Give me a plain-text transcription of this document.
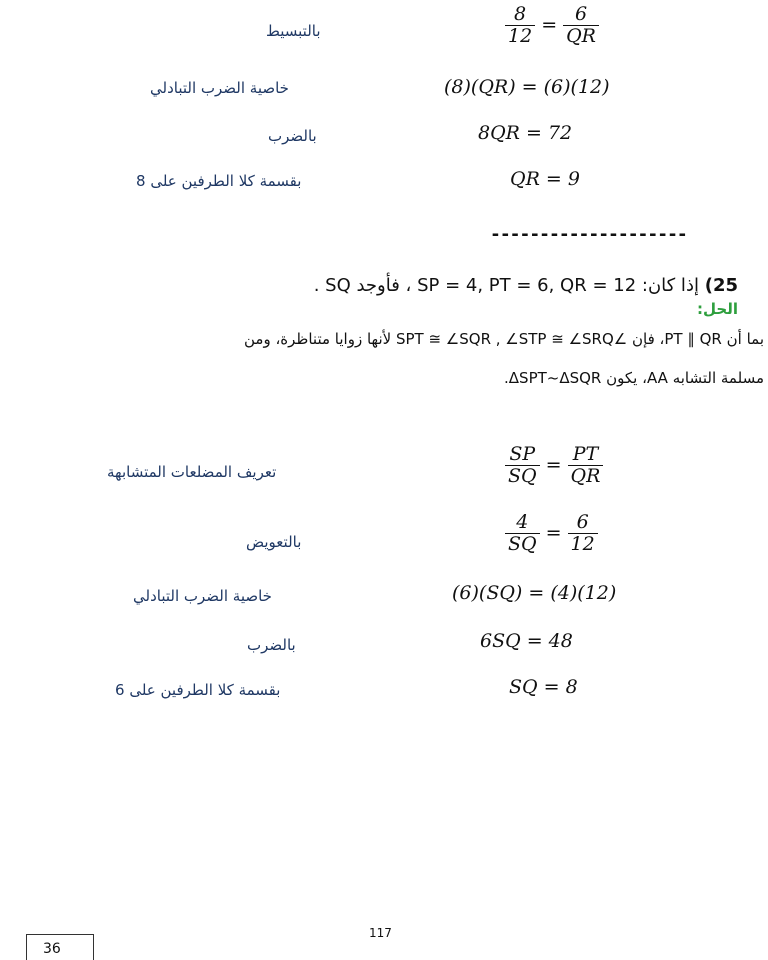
بالتبسيط	$\frac{8}{12} = \frac{6}{QR}$
خاصية الضرب التبادلي	(8)(QR) = (6)(12)
بالضرب	8QR = 72
بقسمة كلا الطرفين على 8	QR = 9
--------------------
25) إذا كان: SP = 4, PT = 6, QR = 12 ، فأوجد SQ .
الحل:
بما أن PT ∥ QR، فإن ∠SPT ≅ ∠SQR , ∠STP ≅ ∠SRQ لأنها زوايا متناظرة، ومن
مسلمة التشابه AA، يكون ΔSPT~ΔSQR.
تعريف المضلعات المتشابهة	$\frac{SP}{SQ} = \frac{PT}{QR}$
بالتعويض	$\frac{4}{SQ} = \frac{6}{12}$
خاصية الضرب التبادلي	(6)(SQ) = (4)(12)
بالضرب	6SQ = 48
بقسمة كلا الطرفين على 6	SQ = 8
117
36
